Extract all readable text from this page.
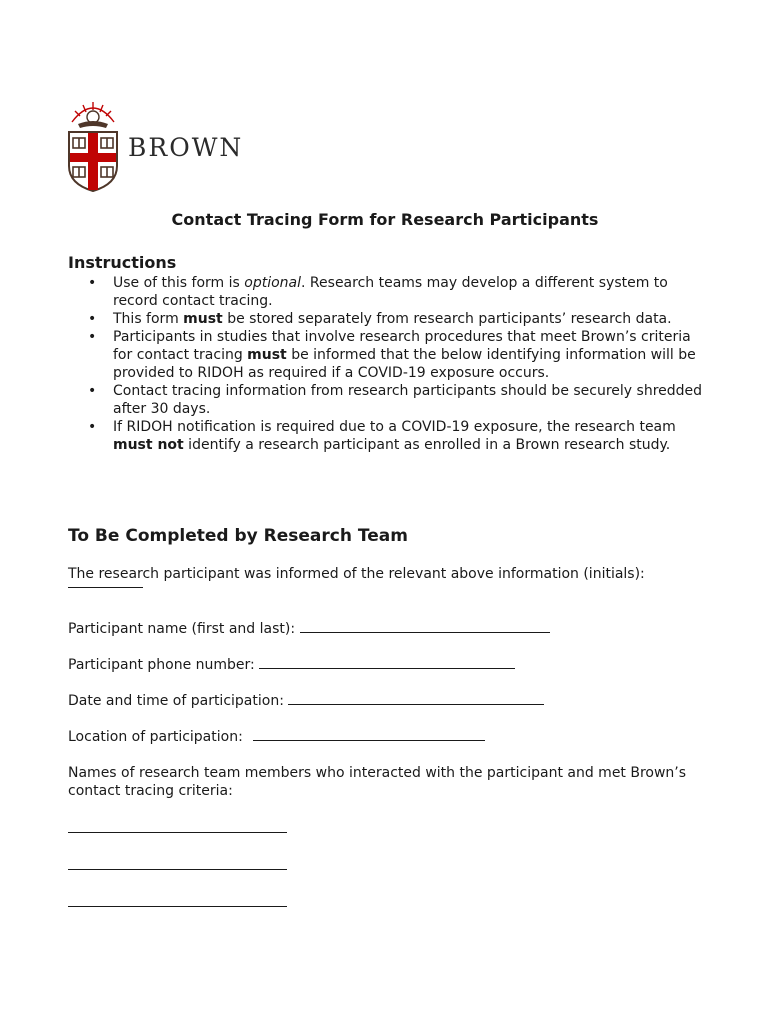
BROWN
Contact Tracing Form for Research Participants
Instructions
• Use of this form is optional. Research teams may develop a different system to record contact tracing.
• This form must be stored separately from research participants’ research data.
• Participants in studies that involve research procedures that meet Brown’s criteria for contact tracing must be informed that the below identifying information will be provided to RIDOH as required if a COVID-19 exposure occurs.
• Contact tracing information from research participants should be securely shredded after 30 days.
• If RIDOH notification is required due to a COVID-19 exposure, the research team must not identify a research participant as enrolled in a Brown research study.
To Be Completed by Research Team
The research participant was informed of the relevant above information (initials):
Participant name (first and last):
Participant phone number:
Date and time of participation:
Location of participation:
Names of research team members who interacted with the participant and met Brown’s contact tracing criteria:
